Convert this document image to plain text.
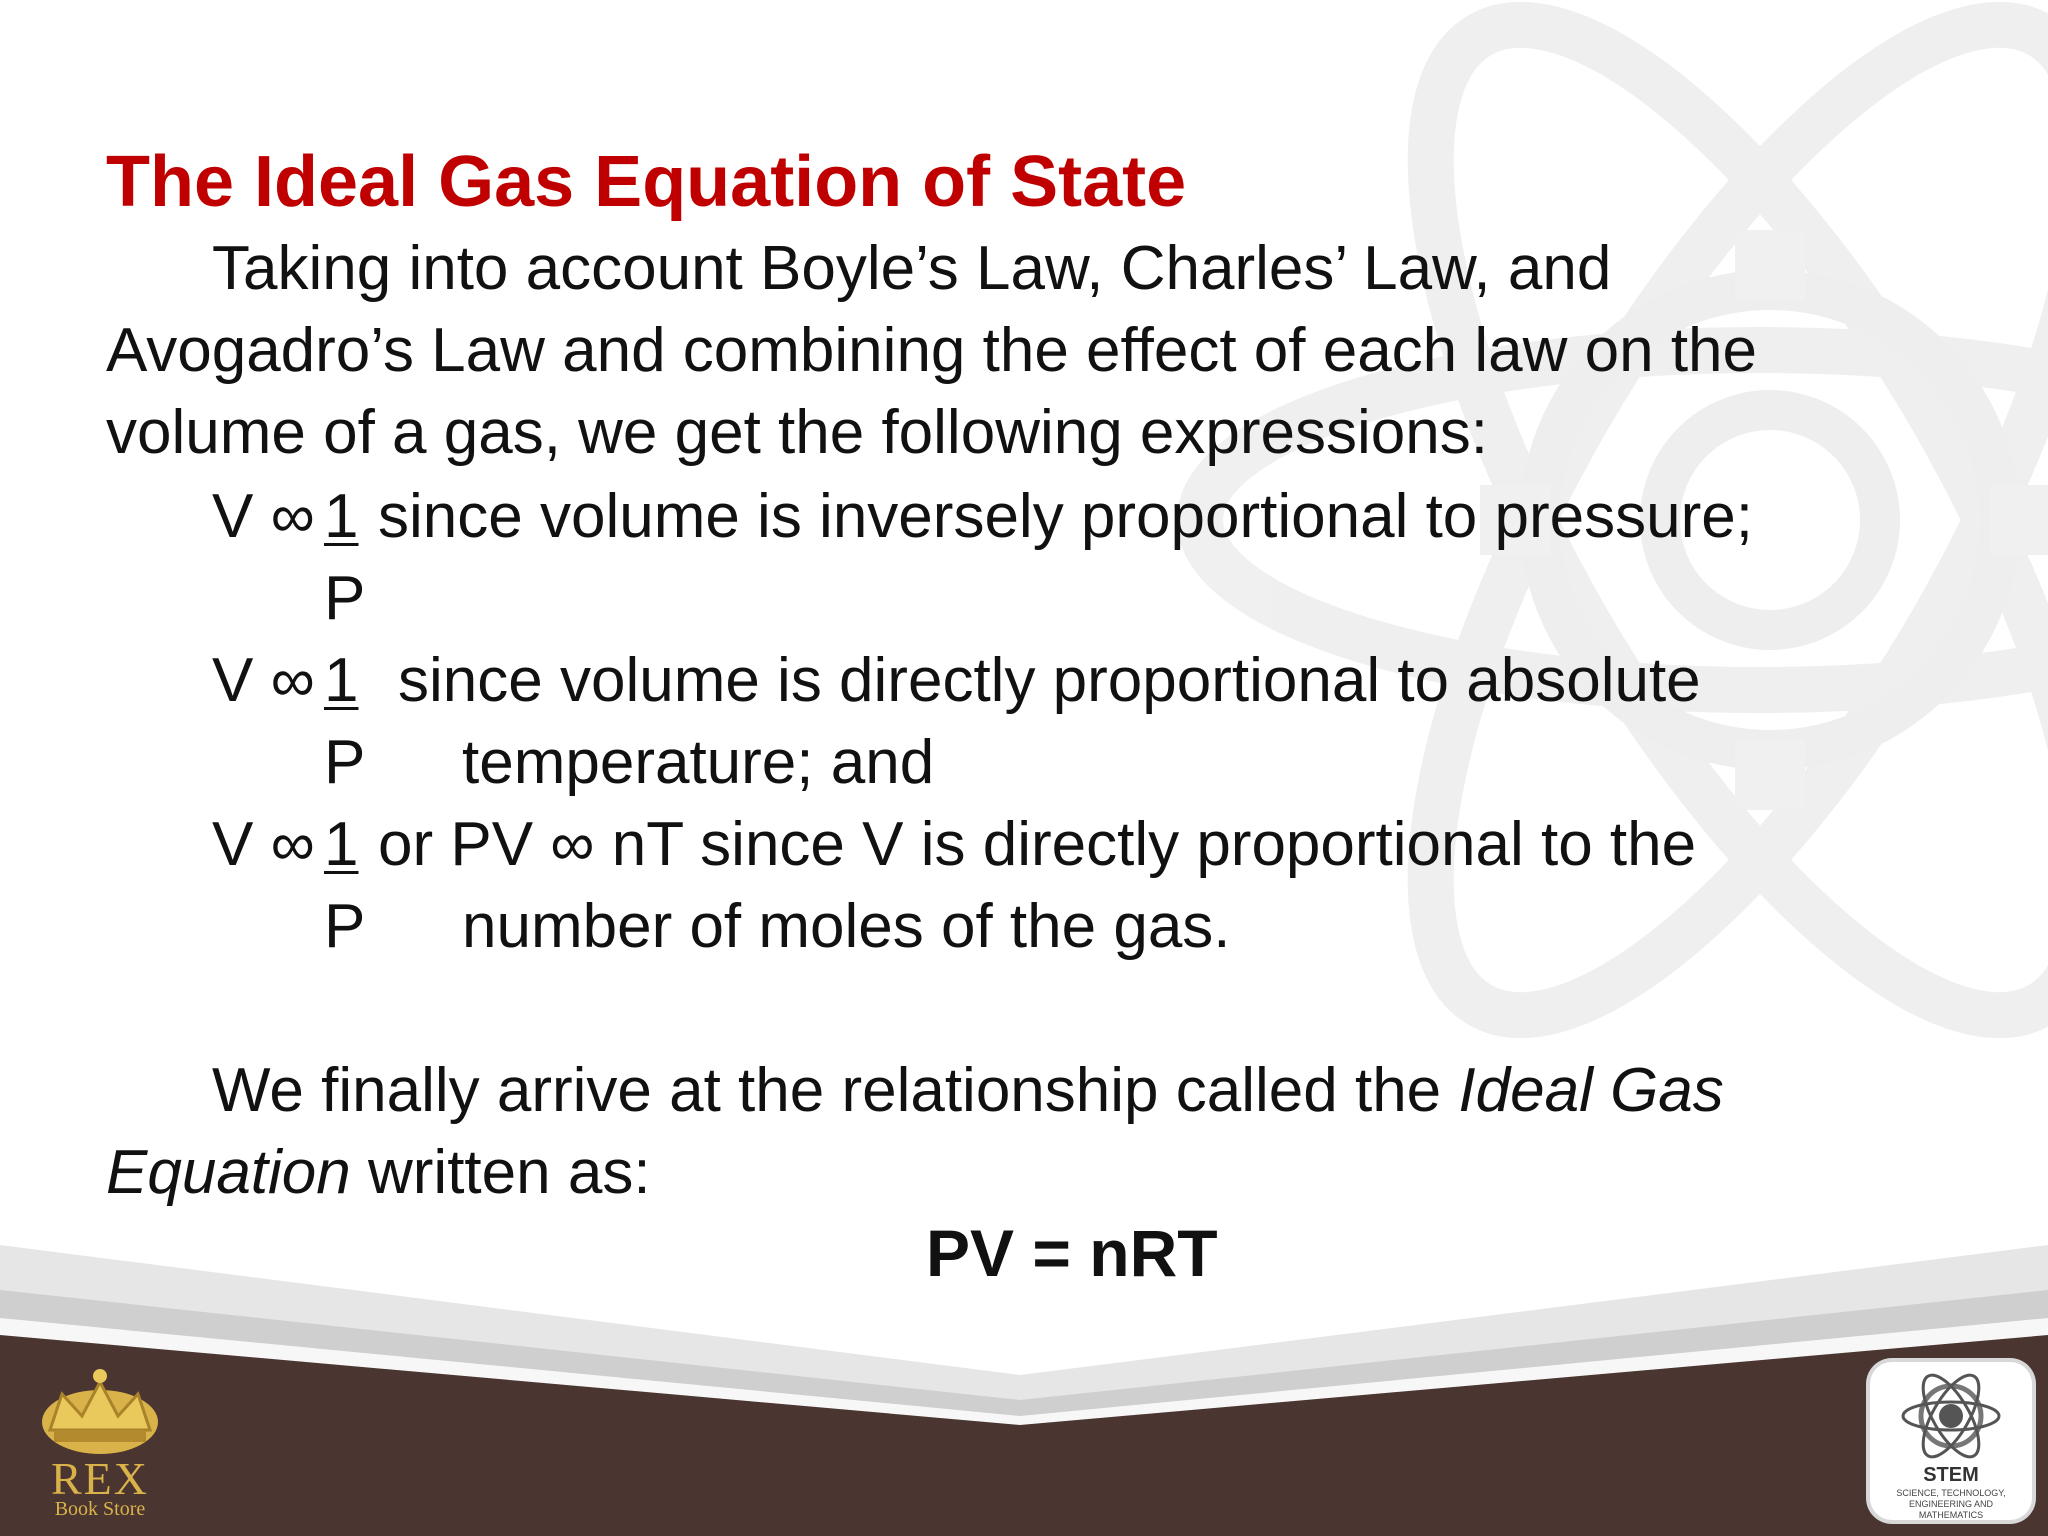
The Ideal Gas Equation of State
Taking into account Boyle’s Law, Charles’ Law, and
Avogadro’s Law and combining the effect of each law on the
volume of a gas, we get the following expressions:
V ∞ 1 since volume is inversely proportional to pressure;
P
V ∞ 1 since volume is directly proportional to absolute
P temperature; and
V ∞ 1 or PV ∞ nT since V is directly proportional to the
P number of moles of the gas.
We finally arrive at the relationship called the Ideal Gas
Equation written as:
PV = nRT
REX
Book Store
STEM
SCIENCE, TECHNOLOGY, ENGINEERING AND MATHEMATICS
